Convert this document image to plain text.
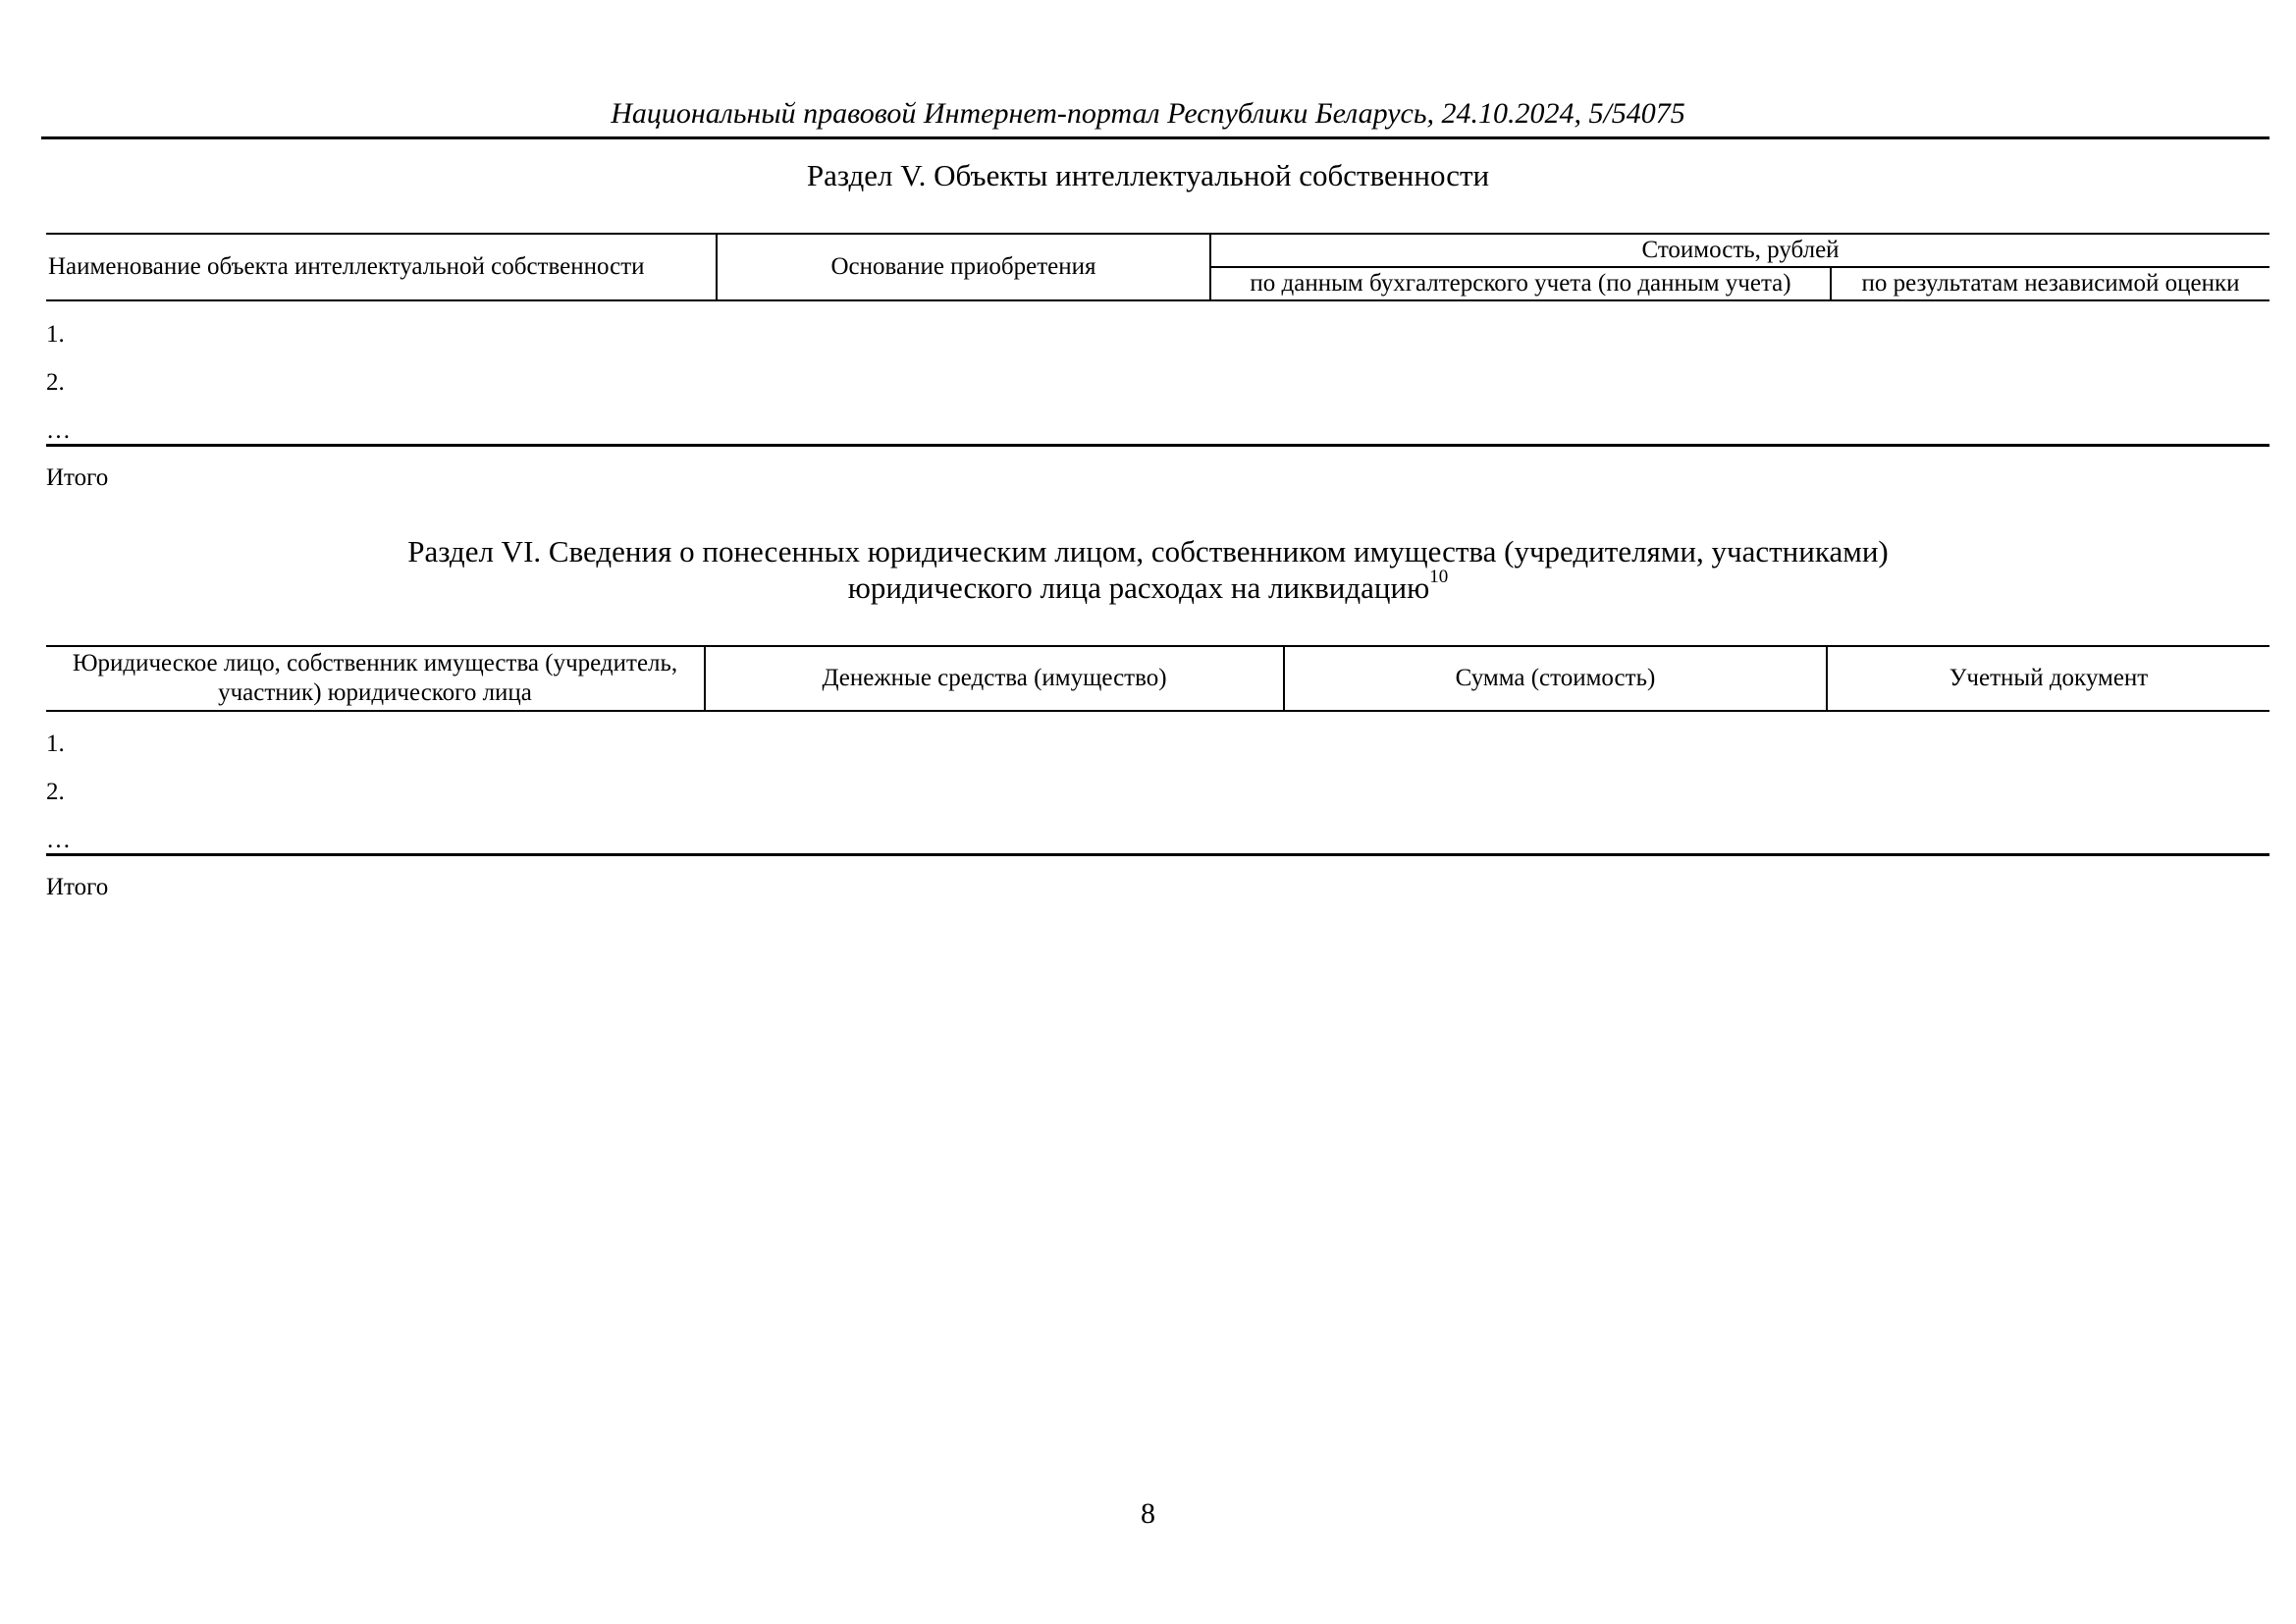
Национальный правовой Интернет-портал Республики Беларусь, 24.10.2024, 5/54075
Раздел V. Объекты интеллектуальной собственности
Наименование объекта интеллектуальной собственности	Основание приобретения	Стоимость, рублей	
		по данным бухгалтерского учета (по данным учета)	по результатам независимой оценки
1.
2.
…
Итого
Раздел VI. Сведения о понесенных юридическим лицом, собственником имущества (учредителями, участниками)
юридического лица расходах на ликвидацию$^{10}$
Юридическое лицо, собственник имущества (учредитель, участник) юридического лица	Денежные средства (имущество)	Сумма (стоимость)	Учетный документ
1.
2.
…
Итого
8
